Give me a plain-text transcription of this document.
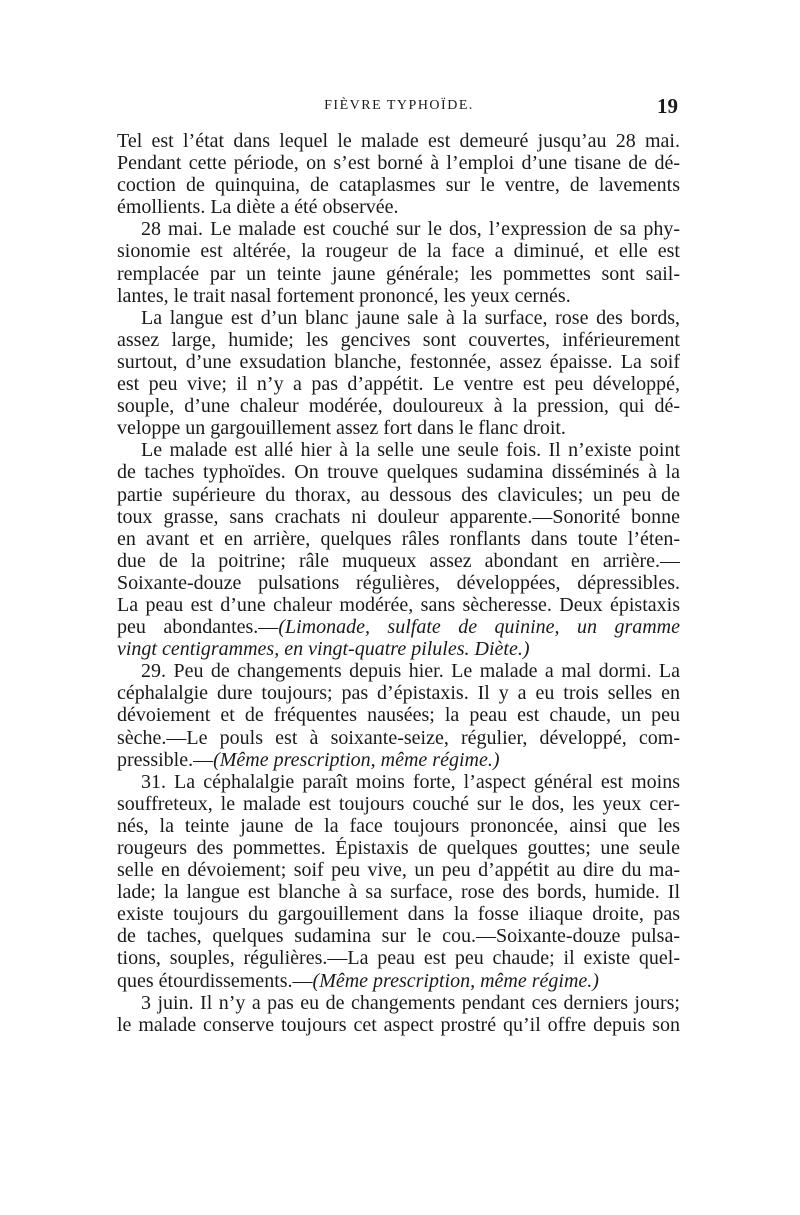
FIÈVRE TYPHOÏDE.	19
Tel est l’état dans lequel le malade est demeuré jusqu’au 28 mai.
Pendant cette période, on s’est borné à l’emploi d’une tisane de dé-
coction de quinquina, de cataplasmes sur le ventre, de lavements
émollients. La diète a été observée.
28 mai. Le malade est couché sur le dos, l’expression de sa phy-
sionomie est altérée, la rougeur de la face a diminué, et elle est
remplacée par un teinte jaune générale; les pommettes sont sail-
lantes, le trait nasal fortement prononcé, les yeux cernés.
La langue est d’un blanc jaune sale à la surface, rose des bords,
assez large, humide; les gencives sont couvertes, inférieurement
surtout, d’une exsudation blanche, festonnée, assez épaisse. La soif
est peu vive; il n’y a pas d’appétit. Le ventre est peu développé,
souple, d’une chaleur modérée, douloureux à la pression, qui dé-
veloppe un gargouillement assez fort dans le flanc droit.
Le malade est allé hier à la selle une seule fois. Il n’existe point
de taches typhoïdes. On trouve quelques sudamina disséminés à la
partie supérieure du thorax, au dessous des clavicules; un peu de
toux grasse, sans crachats ni douleur apparente.—Sonorité bonne
en avant et en arrière, quelques râles ronflants dans toute l’éten-
due de la poitrine; râle muqueux assez abondant en arrière.—
Soixante-douze pulsations régulières, développées, dépressibles.
La peau est d’une chaleur modérée, sans sècheresse. Deux épistaxis
peu abondantes.—(Limonade, sulfate de quinine, un gramme
vingt centigrammes, en vingt-quatre pilules. Diète.)
29. Peu de changements depuis hier. Le malade a mal dormi. La
céphalalgie dure toujours; pas d’épistaxis. Il y a eu trois selles en
dévoiement et de fréquentes nausées; la peau est chaude, un peu
sèche.—Le pouls est à soixante-seize, régulier, développé, com-
pressible.—(Même prescription, même régime.)
31. La céphalalgie paraît moins forte, l’aspect général est moins
souffreteux, le malade est toujours couché sur le dos, les yeux cer-
nés, la teinte jaune de la face toujours prononcée, ainsi que les
rougeurs des pommettes. Épistaxis de quelques gouttes; une seule
selle en dévoiement; soif peu vive, un peu d’appétit au dire du ma-
lade; la langue est blanche à sa surface, rose des bords, humide. Il
existe toujours du gargouillement dans la fosse iliaque droite, pas
de taches, quelques sudamina sur le cou.—Soixante-douze pulsa-
tions, souples, régulières.—La peau est peu chaude; il existe quel-
ques étourdissements.—(Même prescription, même régime.)
3 juin. Il n’y a pas eu de changements pendant ces derniers jours;
le malade conserve toujours cet aspect prostré qu’il offre depuis son
